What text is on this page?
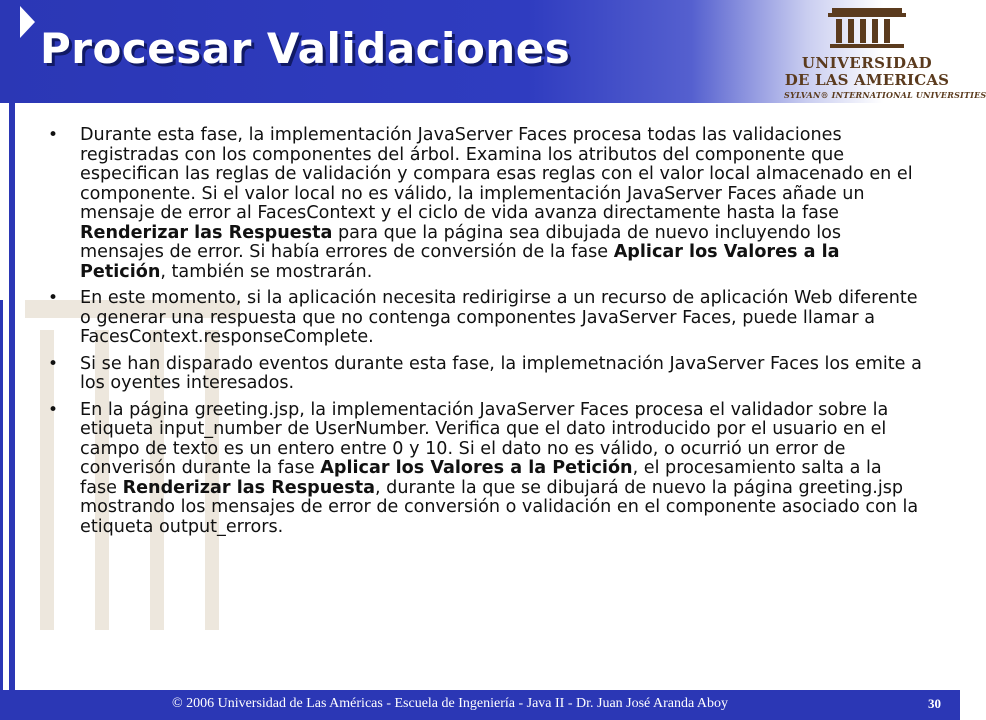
Procesar Validaciones	UNIVERSIDAD
DE LAS AMERICAS
SYLVAN® INTERNATIONAL UNIVERSITIES
• Durante esta fase, la implementación JavaServer Faces procesa todas las validaciones registradas con los componentes del árbol. Examina los atributos del componente que especifican las reglas de validación y compara esas reglas con el valor local almacenado en el componente. Si el valor local no es válido, la implementación JavaServer Faces añade un mensaje de error al FacesContext y el ciclo de vida avanza directamente hasta la fase Renderizar las Respuesta para que la página sea dibujada de nuevo incluyendo los mensajes de error. Si había errores de conversión de la fase Aplicar los Valores a la Petición, también se mostrarán.
• En este momento, si la aplicación necesita redirigirse a un recurso de aplicación Web diferente o generar una respuesta que no contenga componentes JavaServer Faces, puede llamar a FacesContext.responseComplete.
• Si se han disparado eventos durante esta fase, la implemetnación JavaServer Faces los emite a los oyentes interesados.
• En la página greeting.jsp, la implementación JavaServer Faces procesa el validador sobre la etiqueta input_number de UserNumber. Verifica que el dato introducido por el usuario en el campo de texto es un entero entre 0 y 10. Si el dato no es válido, o ocurrió un error de converisón durante la fase Aplicar los Valores a la Petición, el procesamiento salta a la fase Renderizar las Respuesta, durante la que se dibujará de nuevo la página greeting.jsp mostrando los mensajes de error de conversión o validación en el componente asociado con la etiqueta output_errors.
© 2006 Universidad de Las Américas - Escuela de Ingeniería - Java II - Dr. Juan José Aranda Aboy	30
